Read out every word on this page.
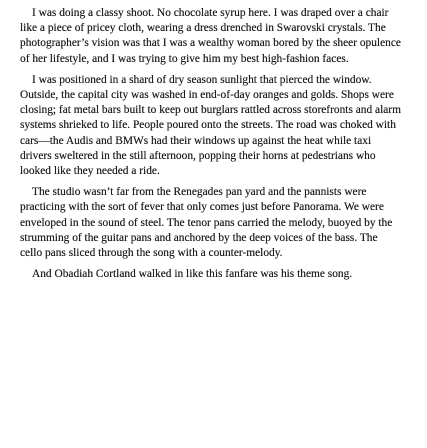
I was doing a classy shoot. No chocolate syrup here. I was draped over a chair like a piece of pricey cloth, wearing a dress drenched in Swarovski crystals. The photographer’s vision was that I was a wealthy woman bored by the sheer opulence of her lifestyle, and I was trying to give him my best high-fashion faces.

I was positioned in a shard of dry season sunlight that pierced the window. Outside, the capital city was washed in end-of-day oranges and golds. Shops were closing; fat metal bars built to keep out burglars rattled across storefronts and alarm systems shrieked to life. People poured onto the streets. The road was choked with cars—the Audis and BMWs had their windows up against the heat while taxi drivers sweltered in the still afternoon, popping their horns at pedestrians who looked like they needed a ride.

The studio wasn’t far from the Renegades pan yard and the pannists were practicing with the sort of fever that only comes just before Panorama. We were enveloped in the sound of steel. The tenor pans carried the melody, buoyed by the strumming of the guitar pans and anchored by the deep voices of the bass. The cello pans sliced through the song with a counter-melody.

And Obadiah Cortland walked in like this fanfare was his theme song.
